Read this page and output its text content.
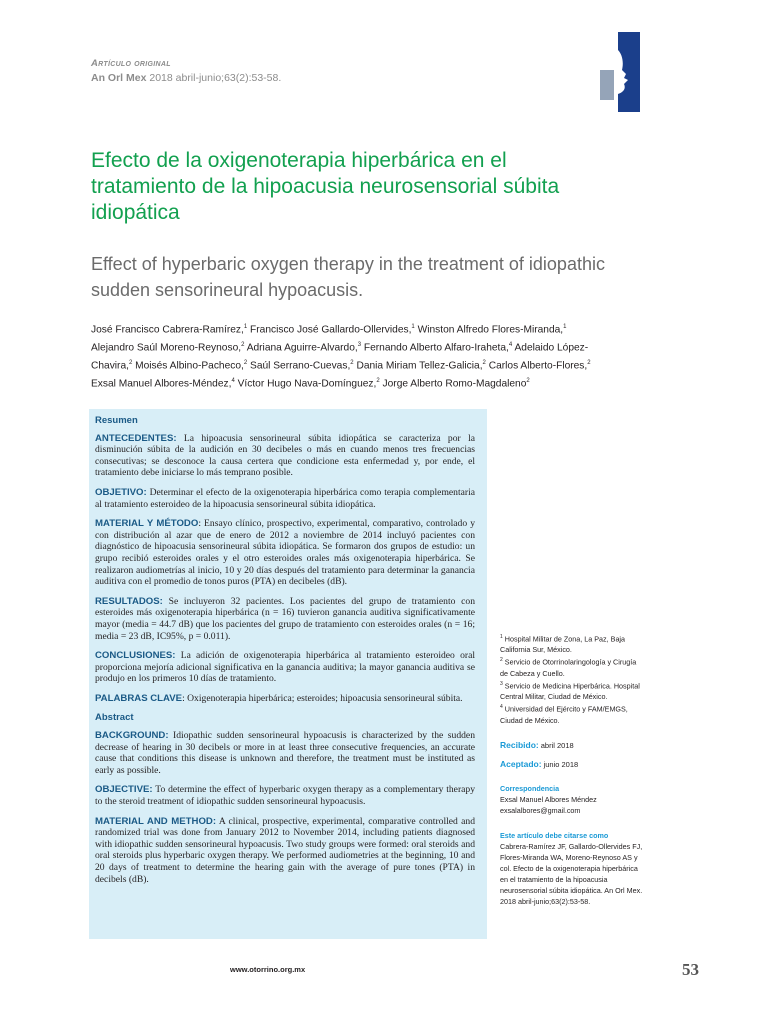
Artículo original
An Orl Mex 2018 abril-junio;63(2):53-58.
Efecto de la oxigenoterapia hiperbárica en el tratamiento de la hipoacusia neurosensorial súbita idiopática
Effect of hyperbaric oxygen therapy in the treatment of idiopathic sudden sensorineural hypoacusis.
José Francisco Cabrera-Ramírez,$^1$ Francisco José Gallardo-Ollervides,$^1$ Winston Alfredo Flores-Miranda,$^1$ Alejandro Saúl Moreno-Reynoso,$^2$ Adriana Aguirre-Alvardo,$^3$ Fernando Alberto Alfaro-Iraheta,$^4$ Adelaido López-Chavira,$^2$ Moisés Albino-Pacheco,$^2$ Saúl Serrano-Cuevas,$^2$ Dania Miriam Tellez-Galicia,$^2$ Carlos Alberto-Flores,$^2$ Exsal Manuel Albores-Méndez,$^4$ Víctor Hugo Nava-Domínguez,$^2$ Jorge Alberto Romo-Magdaleno$^2$

Resumen

ANTECEDENTES: La hipoacusia sensorineural súbita idiopática se caracteriza por la disminución súbita de la audición en 30 decibeles o más en cuando menos tres frecuencias consecutivas; se desconoce la causa certera que condicione esta enfermedad y, por ende, el tratamiento debe iniciarse lo más temprano posible.

OBJETIVO: Determinar el efecto de la oxigenoterapia hiperbárica como terapia complementaria al tratamiento esteroideo de la hipoacusia sensorineural súbita idiopática.

MATERIAL Y MÉTODO: Ensayo clínico, prospectivo, experimental, comparativo, controlado y con distribución al azar que de enero de 2012 a noviembre de 2014 incluyó pacientes con diagnóstico de hipoacusia sensorineural súbita idiopática. Se formaron dos grupos de estudio: un grupo recibió esteroides orales y el otro esteroides orales más oxigenoterapia hiperbárica. Se realizaron audiometrías al inicio, 10 y 20 días después del tratamiento para determinar la ganancia auditiva con el promedio de tonos puros (PTA) en decibeles (dB).

RESULTADOS: Se incluyeron 32 pacientes. Los pacientes del grupo de tratamiento con esteroides más oxigenoterapia hiperbárica (n = 16) tuvieron ganancia auditiva significativamente mayor (media = 44.7 dB) que los pacientes del grupo de tratamiento con esteroides orales (n = 16; media = 23 dB, IC95%, p = 0.011).

CONCLUSIONES: La adición de oxigenoterapia hiperbárica al tratamiento esteroideo oral proporciona mejoría adicional significativa en la ganancia auditiva; la mayor ganancia auditiva se produjo en los primeros 10 días de tratamiento.

PALABRAS CLAVE: Oxigenoterapia hiperbárica; esteroides; hipoacusia sensorineural súbita.

Abstract

BACKGROUND: Idiopathic sudden sensorineural hypoacusis is characterized by the sudden decrease of hearing in 30 decibels or more in at least three consecutive frequencies, an accurate cause that conditions this disease is unknown and therefore, the treatment must be instituted as early as possible.

OBJECTIVE: To determine the effect of hyperbaric oxygen therapy as a complementary therapy to the steroid treatment of idiopathic sudden sensorineural hypoacusis.

MATERIAL AND METHOD: A clinical, prospective, experimental, comparative controlled and randomized trial was done from January 2012 to November 2014, including patients diagnosed with idiopathic sudden sensorineural hypoacusis. Two study groups were formed: oral steroids and oral steroids plus hyperbaric oxygen therapy. We performed audiometries at the beginning, 10 and 20 days of treatment to determine the hearing gain with the average of pure tones (PTA) in decibels (dB).

$^1$ Hospital Militar de Zona, La Paz, Baja California Sur, México.
$^2$ Servicio de Otorrinolaringología y Cirugía de Cabeza y Cuello.
$^3$ Servicio de Medicina Hiperbárica. Hospital Central Militar, Ciudad de México.
$^4$ Universidad del Ejército y FAM/EMGS, Ciudad de México.
Recibido: abril 2018
Aceptado: junio 2018
Correspondencia
Exsal Manuel Albores Méndez
exsalalbores@gmail.com
Este artículo debe citarse como
Cabrera-Ramírez JF, Gallardo-Ollervides FJ, Flores-Miranda WA, Moreno-Reynoso AS y col. Efecto de la oxigenoterapia hiperbárica en el tratamiento de la hipoacusia neurosensorial súbita idiopática. An Orl Mex. 2018 abril-junio;63(2):53-58.
www.otorrino.org.mx	53
